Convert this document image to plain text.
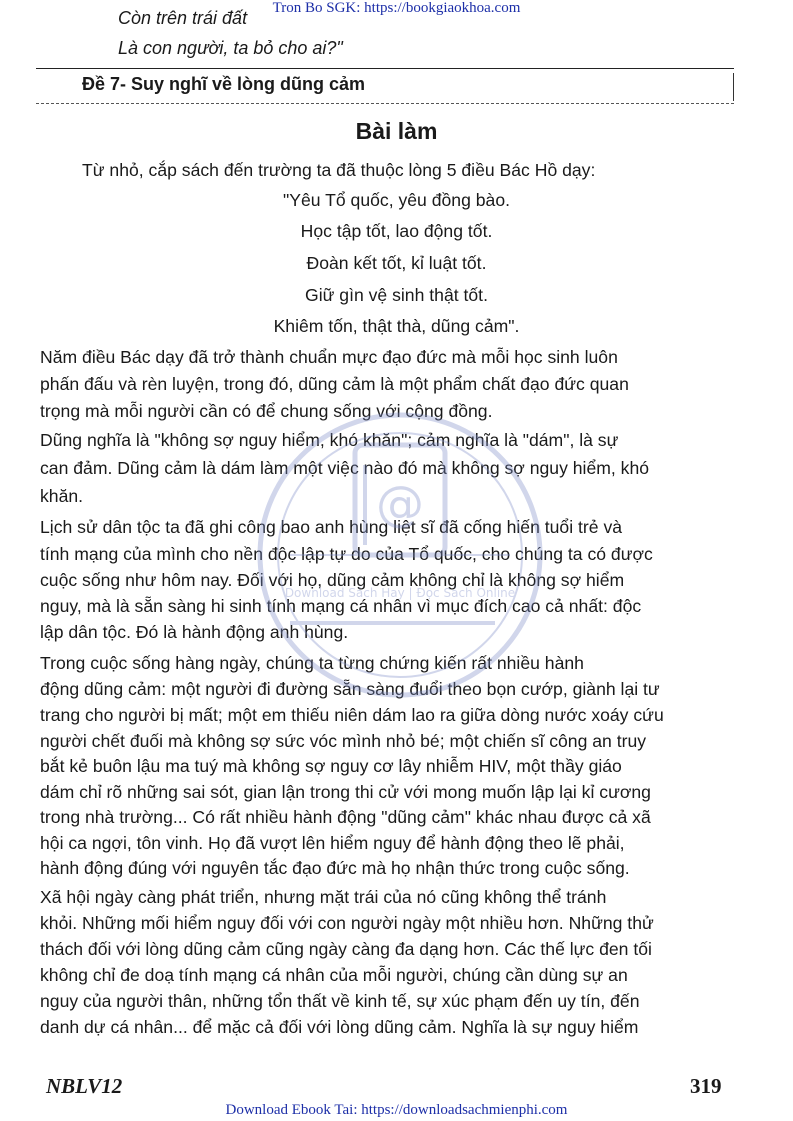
Tron Bo SGK: https://bookgiaokhoa.com
Còn trên trái đất
Là con người, ta bỏ cho ai?"
Đề 7- Suy nghĩ về lòng dũng cảm
Bài làm
Từ nhỏ, cắp sách đến trường ta đã thuộc lòng 5 điều Bác Hồ dạy:
"Yêu Tổ quốc, yêu đồng bào.
Học tập tốt, lao động tốt.
Đoàn kết tốt, kỉ luật tốt.
Giữ gìn vệ sinh thật tốt.
Khiêm tốn, thật thà, dũng cảm".
Năm điều Bác dạy đã trở thành chuẩn mực đạo đức mà mỗi học sinh luôn
phấn đấu và rèn luyện, trong đó, dũng cảm là một phẩm chất đạo đức quan
trọng mà mỗi người cần có để chung sống với cộng đồng.
Dũng nghĩa là "không sợ nguy hiểm, khó khăn"; cảm nghĩa là "dám", là sự
can đảm. Dũng cảm là dám làm một việc nào đó mà không sợ nguy hiểm, khó
khăn.
Lịch sử dân tộc ta đã ghi công bao anh hùng liệt sĩ đã cống hiến tuổi trẻ và
tính mạng của mình cho nền độc lập tự do của Tổ quốc, cho chúng ta có được
cuộc sống như hôm nay. Đối với họ, dũng cảm không chỉ là không sợ hiểm
nguy, mà là sẵn sàng hi sinh tính mạng cá nhân vì mục đích cao cả nhất: độc
lập dân tộc. Đó là hành động anh hùng.
Trong cuộc sống hàng ngày, chúng ta từng chứng kiến rất nhiều hành
động dũng cảm: một người đi đường sẵn sàng đuổi theo bọn cướp, giành lại tư
trang cho người bị mất; một em thiếu niên dám lao ra giữa dòng nước xoáy cứu
người chết đuối mà không sợ sức vóc mình nhỏ bé; một chiến sĩ công an truy
bắt kẻ buôn lậu ma tuý mà không sợ nguy cơ lây nhiễm HIV, một thầy giáo
dám chỉ rõ những sai sót, gian lận trong thi cử với mong muốn lập lại kỉ cương
trong nhà trường... Có rất nhiều hành động "dũng cảm" khác nhau được cả xã
hội ca ngợi, tôn vinh. Họ đã vượt lên hiểm nguy để hành động theo lẽ phải,
hành động đúng với nguyên tắc đạo đức mà họ nhận thức trong cuộc sống.
Xã hội ngày càng phát triển, nhưng mặt trái của nó cũng không thể tránh
khỏi. Những mối hiểm nguy đối với con người ngày một nhiều hơn. Những thử
thách đối với lòng dũng cảm cũng ngày càng đa dạng hơn. Các thế lực đen tối
không chỉ đe doạ tính mạng cá nhân của mỗi người, chúng cần dùng sự an
nguy của người thân, những tổn thất về kinh tế, sự xúc phạm đến uy tín, đến
danh dự cá nhân... để mặc cả đối với lòng dũng cảm. Nghĩa là sự nguy hiểm
@
Download Sách Hay | Đọc Sách Online
NBLV12	319
Download Ebook Tai: https://downloadsachmienphi.com
